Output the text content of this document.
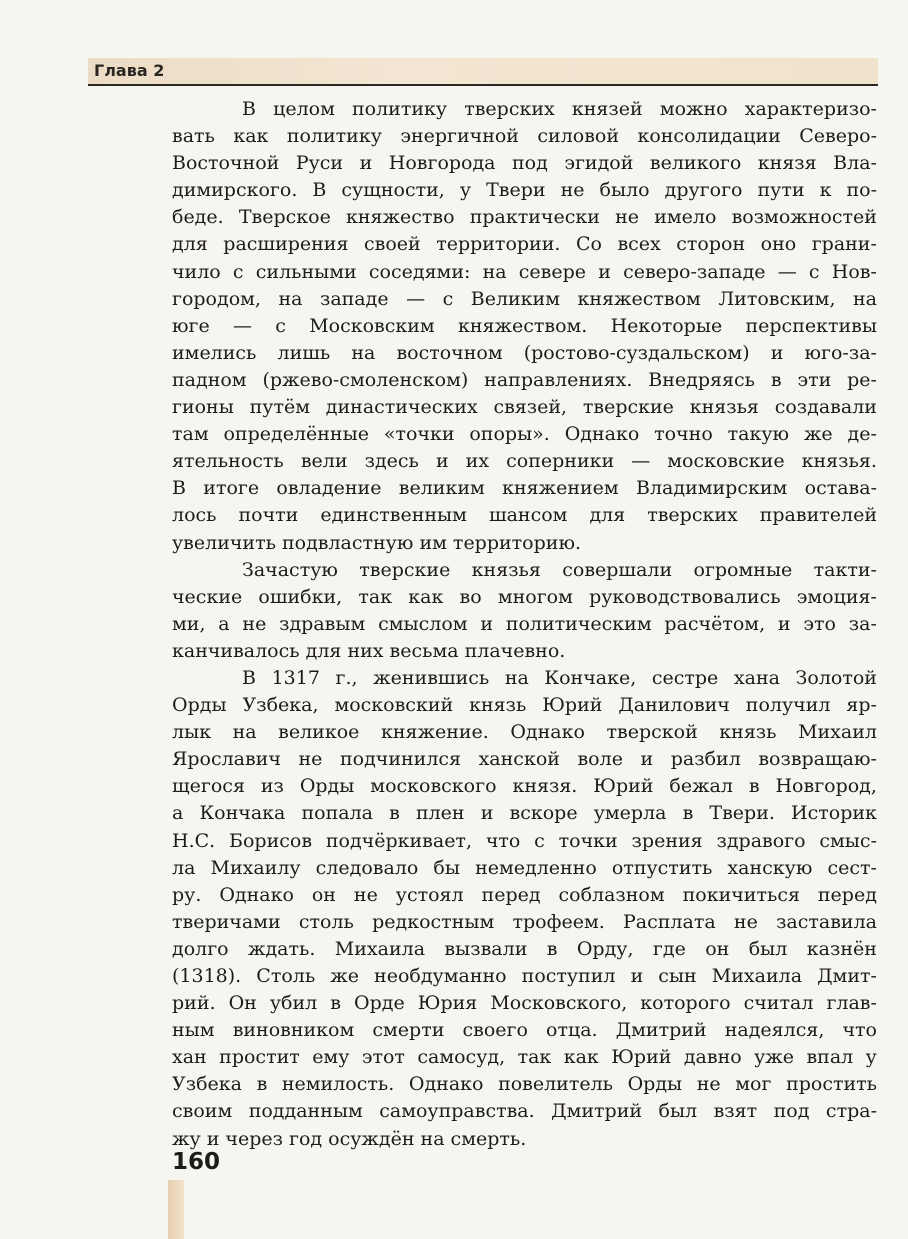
Глава 2
В целом политику тверских князей можно характеризо-
вать как политику энергичной силовой консолидации Северо-
Восточной Руси и Новгорода под эгидой великого князя Вла-
димирского. В сущности, у Твери не было другого пути к по-
беде. Тверское княжество практически не имело возможностей
для расширения своей территории. Со всех сторон оно грани-
чило с сильными соседями: на севере и северо-западе — с Нов-
городом, на западе — с Великим княжеством Литовским, на
юге — с Московским княжеством. Некоторые перспективы
имелись лишь на восточном (ростово-суздальском) и юго-за-
падном (ржево-смоленском) направлениях. Внедряясь в эти ре-
гионы путём династических связей, тверские князья создавали
там определённые «точки опоры». Однако точно такую же де-
ятельность вели здесь и их соперники — московские князья.
В итоге овладение великим княжением Владимирским остава-
лось почти единственным шансом для тверских правителей
увеличить подвластную им территорию.
Зачастую тверские князья совершали огромные такти-
ческие ошибки, так как во многом руководствовались эмоция-
ми, а не здравым смыслом и политическим расчётом, и это за-
канчивалось для них весьма плачевно.
В 1317 г., женившись на Кончаке, сестре хана Золотой
Орды Узбека, московский князь Юрий Данилович получил яр-
лык на великое княжение. Однако тверской князь Михаил
Ярославич не подчинился ханской воле и разбил возвращаю-
щегося из Орды московского князя. Юрий бежал в Новгород,
а Кончака попала в плен и вскоре умерла в Твери. Историк
Н.С. Борисов подчёркивает, что с точки зрения здравого смыс-
ла Михаилу следовало бы немедленно отпустить ханскую сест-
ру. Однако он не устоял перед соблазном покичиться перед
тверичами столь редкостным трофеем. Расплата не заставила
долго ждать. Михаила вызвали в Орду, где он был казнён
(1318). Столь же необдуманно поступил и сын Михаила Дмит-
рий. Он убил в Орде Юрия Московского, которого считал глав-
ным виновником смерти своего отца. Дмитрий надеялся, что
хан простит ему этот самосуд, так как Юрий давно уже впал у
Узбека в немилость. Однако повелитель Орды не мог простить
своим подданным самоуправства. Дмитрий был взят под стра-
жу и через год осуждён на смерть.
160
